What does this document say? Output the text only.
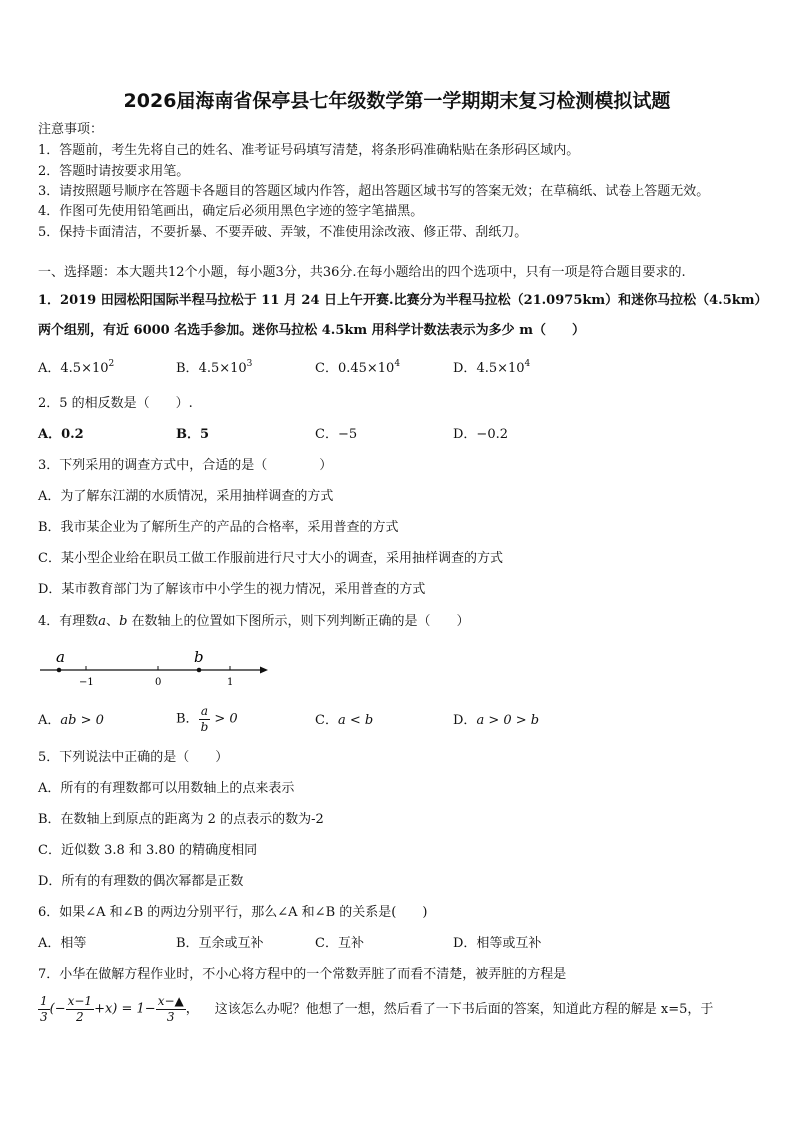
2026届海南省保亭县七年级数学第一学期期末复习检测模拟试题
注意事项：
1．答题前，考生先将自己的姓名、准考证号码填写清楚，将条形码准确粘贴在条形码区域内。
2．答题时请按要求用笔。
3．请按照题号顺序在答题卡各题目的答题区域内作答，超出答题区域书写的答案无效；在草稿纸、试卷上答题无效。
4．作图可先使用铅笔画出，确定后必须用黑色字迹的签字笔描黑。
5．保持卡面清洁，不要折暴、不要弄破、弄皱，不准使用涂改液、修正带、刮纸刀。
一、选择题：本大题共12个小题，每小题3分，共36分.在每小题给出的四个选项中，只有一项是符合题目要求的.
1．2019 田园松阳国际半程马拉松于 11 月 24 日上午开赛.比赛分为半程马拉松（21.0975km）和迷你马拉松（4.5km）
两个组别，有近 6000 名选手参加。迷你马拉松 4.5km 用科学计数法表示为多少 m（　　）
A．$4.5\times 10^2$	B．$4.5\times 10^3$	C．$0.45\times 10^4$	D．$4.5\times 10^4$
2．5 的相反数是（　　）.
A．0.2	B．5	C．−5	D．−0.2
3．下列采用的调查方式中，合适的是（　　　　）
A．为了解东江湖的水质情况，采用抽样调查的方式
B．我市某企业为了解所生产的产品的合格率，采用普查的方式
C．某小型企业给在职员工做工作服前进行尺寸大小的调查，采用抽样调查的方式
D．某市教育部门为了解该市中小学生的视力情况，采用普查的方式
4．有理数a、b 在数轴上的位置如下图所示，则下列判断正确的是（　　）
a	b
−1	0	1
A．ab > 0	B． $\frac{a}{b} > 0$	C．a < b	D．a > 0 > b
5．下列说法中正确的是（　　）
A．所有的有理数都可以用数轴上的点来表示
B．在数轴上到原点的距离为 2 的点表示的数为-2
C．近似数 3.8 和 3.80 的精确度相同
D．所有的有理数的偶次幂都是正数
6．如果∠A 和∠B 的两边分别平行，那么∠A 和∠B 的关系是(　　)
A．相等	B．互余或互补	C．互补	D．相等或互补
7．小华在做解方程作业时，不小心将方程中的一个常数弄脏了而看不清楚，被弄脏的方程是
$\frac{1}{3}$ (− $\frac{x-1}{2} +x) = 1- \frac{x-▲}{3}$ ， 这该怎么办呢？他想了一想，然后看了一下书后面的答案，知道此方程的解是 x=5，于
